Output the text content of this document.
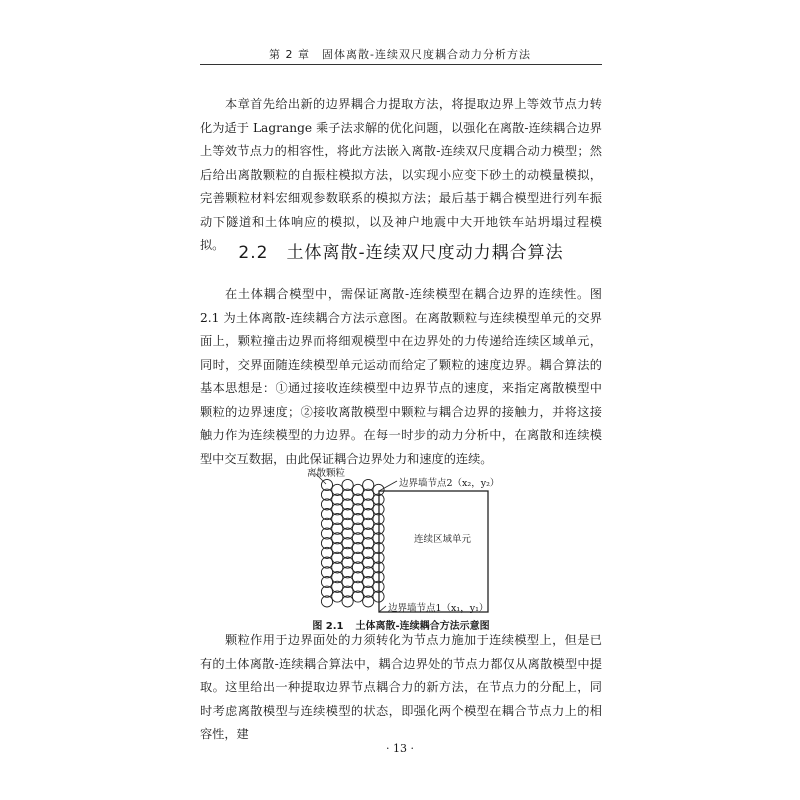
第 2 章　固体离散-连续双尺度耦合动力分析方法

本章首先给出新的边界耦合力提取方法，将提取边界上等效节点力转化为适于 Lagrange 乘子法求解的优化问题，以强化在离散-连续耦合边界上等效节点力的相容性，将此方法嵌入离散-连续双尺度耦合动力模型；然后给出离散颗粒的自振柱模拟方法，以实现小应变下砂土的动模量模拟，完善颗粒材料宏细观参数联系的模拟方法；最后基于耦合模型进行列车振动下隧道和土体响应的模拟，以及神户地震中大开地铁车站坍塌过程模拟。 2.2 土体离散-连续双尺度动力耦合算法

在土体耦合模型中，需保证离散-连续模型在耦合边界的连续性。图 2.1 为土体离散-连续耦合方法示意图。在离散颗粒与连续模型单元的交界面上，颗粒撞击边界而将细观模型中在边界处的力传递给连续区域单元，同时，交界面随连续模型单元运动而给定了颗粒的速度边界。耦合算法的基本思想是：①通过接收连续模型中边界节点的速度，来指定离散模型中颗粒的边界速度；②接收离散模型中颗粒与耦合边界的接触力，并将这接触力作为连续模型的力边界。在每一时步的动力分析中，在离散和连续模型中交互数据，由此保证耦合边界处力和速度的连续。

离散颗粒
边界墙节点2（x₂，y₂）
连续区域单元
边界墙节点1（x₁，y₁）
图 2.1 土体离散-连续耦合方法示意图

颗粒作用于边界面处的力须转化为节点力施加于连续模型上，但是已有的土体离散-连续耦合算法中，耦合边界处的节点力都仅从离散模型中提取。这里给出一种提取边界节点耦合力的新方法，在节点力的分配上，同时考虑离散模型与连续模型的状态，即强化两个模型在耦合节点力上的相容性，建

· 13 ·
